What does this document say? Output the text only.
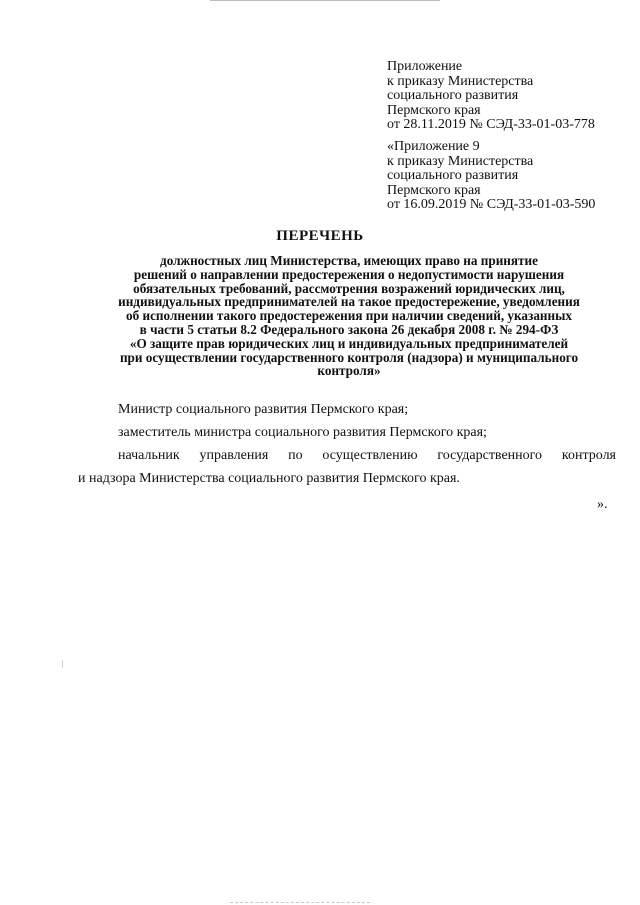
Приложение
к приказу Министерства
социального развития
Пермского края
от 28.11.2019 № СЭД-33-01-03-778
«Приложение 9
к приказу Министерства
социального развития
Пермского края
от 16.09.2019 № СЭД-33-01-03-590
ПЕРЕЧЕНЬ
должностных лиц Министерства, имеющих право на принятие
решений о направлении предостережения о недопустимости нарушения
обязательных требований, рассмотрения возражений юридических лиц,
индивидуальных предпринимателей на такое предостережение, уведомления
об исполнении такого предостережения при наличии сведений, указанных
в части 5 статьи 8.2 Федерального закона 26 декабря 2008 г. № 294-ФЗ
«О защите прав юридических лиц и индивидуальных предпринимателей
при осуществлении государственного контроля (надзора) и муниципального
контроля»
Министр социального развития Пермского края;
заместитель министра социального развития Пермского края;
начальник управления по осуществлению государственного контроля
и надзора Министерства социального развития Пермского края.
».
